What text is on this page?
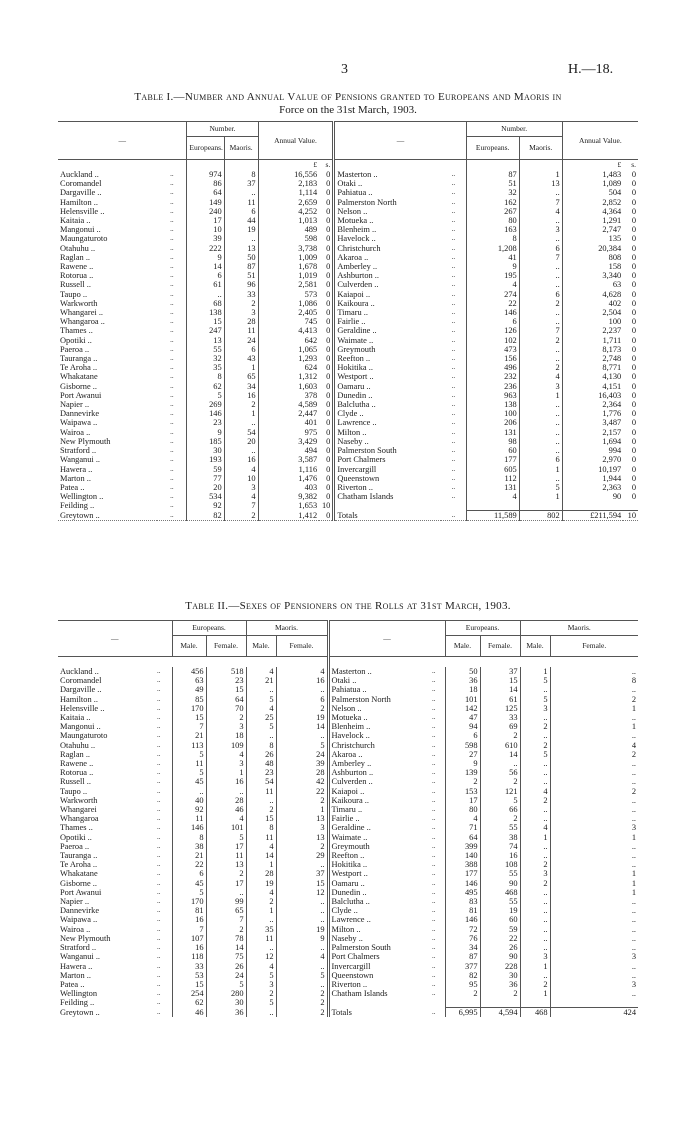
3	H.—18.
Table I.—Number and Annual Value of Pensions granted to Europeans and Maoris in
Force on the 31st March, 1903.
—		Number.		Annual Value.		—		Number.		Annual Value.	
		Europeans.	Maoris.					Europeans.	Maoris.		
				£	s.					£	s.
Auckland ..	..	974	8	16,556	0	Masterton ..	..	87	1	1,483	0
Coromandel	..	86	37	2,183	0	Otaki ..	..	51	13	1,089	0
Dargaville ..	..	64	..	1,114	0	Pahiatua ..	..	32	..	504	0
Hamilton ..	..	149	11	2,659	0	Palmerston North	..	162	7	2,852	0
Helensville ..	..	240	6	4,252	0	Nelson ..	..	267	4	4,364	0
Kaitaia ..	..	17	44	1,013	0	Motueka ..	..	80	..	1,291	0
Mangonui ..	..	10	19	489	0	Blenheim ..	..	163	3	2,747	0
Maungaturoto	..	39	..	598	0	Havelock ..	..	8	..	135	0
Otahuhu ..	..	222	13	3,738	0	Christchurch	..	1,208	6	20,384	0
Raglan ..	..	9	50	1,009	0	Akaroa ..	..	41	7	808	0
Rawene ..	..	14	87	1,678	0	Amberley ..	..	9	..	158	0
Rotorua ..	..	6	51	1,019	0	Ashburton ..	..	195	..	3,340	0
Russell ..	..	61	96	2,581	0	Culverden ..	..	4	..	63	0
Taupo ..	..	..	33	573	0	Kaiapoi ..	..	274	6	4,628	0
Warkworth	..	68	2	1,086	0	Kaikoura ..	..	22	2	402	0
Whangarei ..	..	138	3	2,405	0	Timaru ..	..	146	..	2,504	0
Whangaroa ..	..	15	28	745	0	Fairlie ..	..	6	..	100	0
Thames ..	..	247	11	4,413	0	Geraldine ..	..	126	7	2,237	0
Opotiki ..	..	13	24	642	0	Waimate ..	..	102	2	1,711	0
Paeroa ..	..	55	6	1,065	0	Greymouth	..	473	..	8,173	0
Tauranga ..	..	32	43	1,293	0	Reefton ..	..	156	..	2,748	0
Te Aroha ..	..	35	1	624	0	Hokitika ..	..	496	2	8,771	0
Whakatane	..	8	65	1,312	0	Westport ..	..	232	4	4,130	0
Gisborne ..	..	62	34	1,603	0	Oamaru ..	..	236	3	4,151	0
Port Awanui	..	5	16	378	0	Dunedin ..	..	963	1	16,403	0
Napier ..	..	269	2	4,589	0	Balclutha ..	..	138	..	2,364	0
Dannevirke	..	146	1	2,447	0	Clyde ..	..	100	..	1,776	0
Waipawa ..	..	23	..	401	0	Lawrence ..	..	206	..	3,487	0
Wairoa ..	..	9	54	975	0	Milton ..	..	131	..	2,157	0
New Plymouth	..	185	20	3,429	0	Naseby ..	..	98	..	1,694	0
Stratford ..	..	30	..	494	0	Palmerston South	..	60	..	994	0
Wanganui ..	..	193	16	3,587	0	Port Chalmers	..	177	6	2,970	0
Hawera ..	..	59	4	1,116	0	Invercargill	..	605	1	10,197	0
Marton ..	..	77	10	1,476	0	Queenstown	..	112	..	1,944	0
Patea ..	..	20	3	403	0	Riverton ..	..	131	5	2,363	0
Wellington ..	..	534	4	9,382	0	Chatham Islands	..	4	1	90	0
Feilding ..	..	92	7	1,653	10						
Greytown ..	..	82	2	1,412	0	Totals	..	11,589	802	£211,594	10
Table II.—Sexes of Pensioners on the Rolls at 31st March, 1903.
—		Europeans.		Maoris.		—		Europeans.		Maoris.	
		Male.	Female.	Male.	Female.			Male.	Female.	Male.	Female.

Auckland ..	..	456	518	4	4	Masterton ..	..	50	37	1	..
Coromandel	..	63	23	21	16	Otaki ..	..	36	15	5	8
Dargaville ..	..	49	15	..	..	Pahiatua ..	..	18	14	..	..
Hamilton ..	..	85	64	5	6	Palmerston North	..	101	61	5	2
Helensville ..	..	170	70	4	2	Nelson ..	..	142	125	3	1
Kaitaia ..	..	15	2	25	19	Motueka ..	..	47	33	..	..
Mangonui ..	..	7	3	5	14	Blenheim ..	..	94	69	2	1
Maungaturoto	..	21	18	..	..	Havelock ..	..	6	2	..	..
Otahuhu ..	..	113	109	8	5	Christchurch	..	598	610	2	4
Raglan ..	..	5	4	26	24	Akaroa ..	..	27	14	5	2
Rawene ..	..	11	3	48	39	Amberley ..	..	9	..	..	..
Rotorua ..	..	5	1	23	28	Ashburton ..	..	139	56	..	..
Russell ..	..	45	16	54	42	Culverden ..	..	2	2	..	..
Taupo ..	..	..	..	11	22	Kaiapoi ..	..	153	121	4	2
Warkworth	..	40	28	..	2	Kaikoura ..	..	17	5	2	..
Whangarei	..	92	46	2	1	Timaru ..	..	80	66	..	..
Whangaroa	..	11	4	15	13	Fairlie ..	..	4	2	..	..
Thames ..	..	146	101	8	3	Geraldine ..	..	71	55	4	3
Opotiki ..	..	8	5	11	13	Waimate ..	..	64	38	1	1
Paeroa ..	..	38	17	4	2	Greymouth	..	399	74	..	..
Tauranga ..	..	21	11	14	29	Reefton ..	..	140	16	..	..
Te Aroha ..	..	22	13	1	..	Hokitika ..	..	388	108	2	..
Whakatane	..	6	2	28	37	Westport ..	..	177	55	3	1
Gisborne ..	..	45	17	19	15	Oamaru ..	..	146	90	2	1
Port Awanui	..	5	..	4	12	Dunedin ..	..	495	468	..	1
Napier ..	..	170	99	2	..	Balclutha ..	..	83	55	..	..
Dannevirke	..	81	65	1	..	Clyde ..	..	81	19	..	..
Waipawa ..	..	16	7	..	..	Lawrence ..	..	146	60	..	..
Wairoa ..	..	7	2	35	19	Milton ..	..	72	59	..	..
New Plymouth	..	107	78	11	9	Naseby ..	..	76	22	..	..
Stratford ..	..	16	14	..	..	Palmerston South	..	34	26	..	..
Wanganui ..	..	118	75	12	4	Port Chalmers	..	87	90	3	3
Hawera ..	..	33	26	4	..	Invercargill	..	377	228	1	..
Marton ..	..	53	24	5	5	Queenstown	..	82	30	..	..
Patea ..	..	15	5	3	..	Riverton ..	..	95	36	2	3
Wellington	..	254	280	2	2	Chatham Islands	..	2	2	1	..
Feilding ..	..	62	30	5	2						
Greytown ..	..	46	36	..	2	Totals	..	6,995	4,594	468	424
